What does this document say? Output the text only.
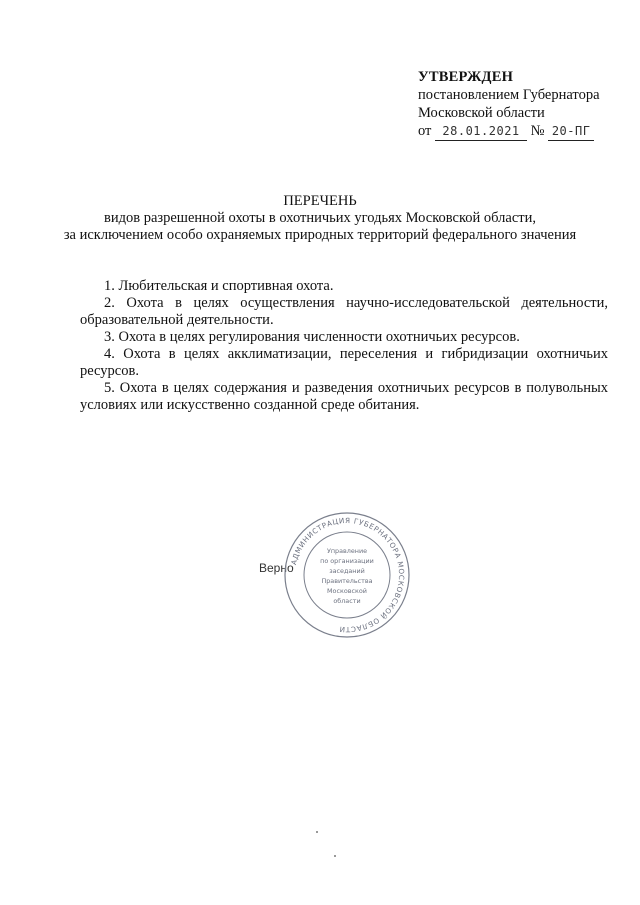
УТВЕРЖДЕН
постановлением Губернатора
Московской области
от 28.01.2021 № 20-ПГ
ПЕРЕЧЕНЬ
видов разрешенной охоты в охотничьих угодьях Московской области,
за исключением особо охраняемых природных территорий федерального значения

1. Любительская и спортивная охота.

2. Охота в целях осуществления научно-исследовательской деятельности, образовательной деятельности.

3. Охота в целях регулирования численности охотничьих ресурсов.

4. Охота в целях акклиматизации, переселения и гибридизации охотничьих ресурсов.

5. Охота в целях содержания и разведения охотничьих ресурсов в полувольных условиях или искусственно созданной среде обитания.

Верно
АДМИНИСТРАЦИЯ ГУБЕРНАТОРА МОСКОВСКОЙ ОБЛАСТИ
Управление
по организации
заседаний
Правительства
Московской
области
